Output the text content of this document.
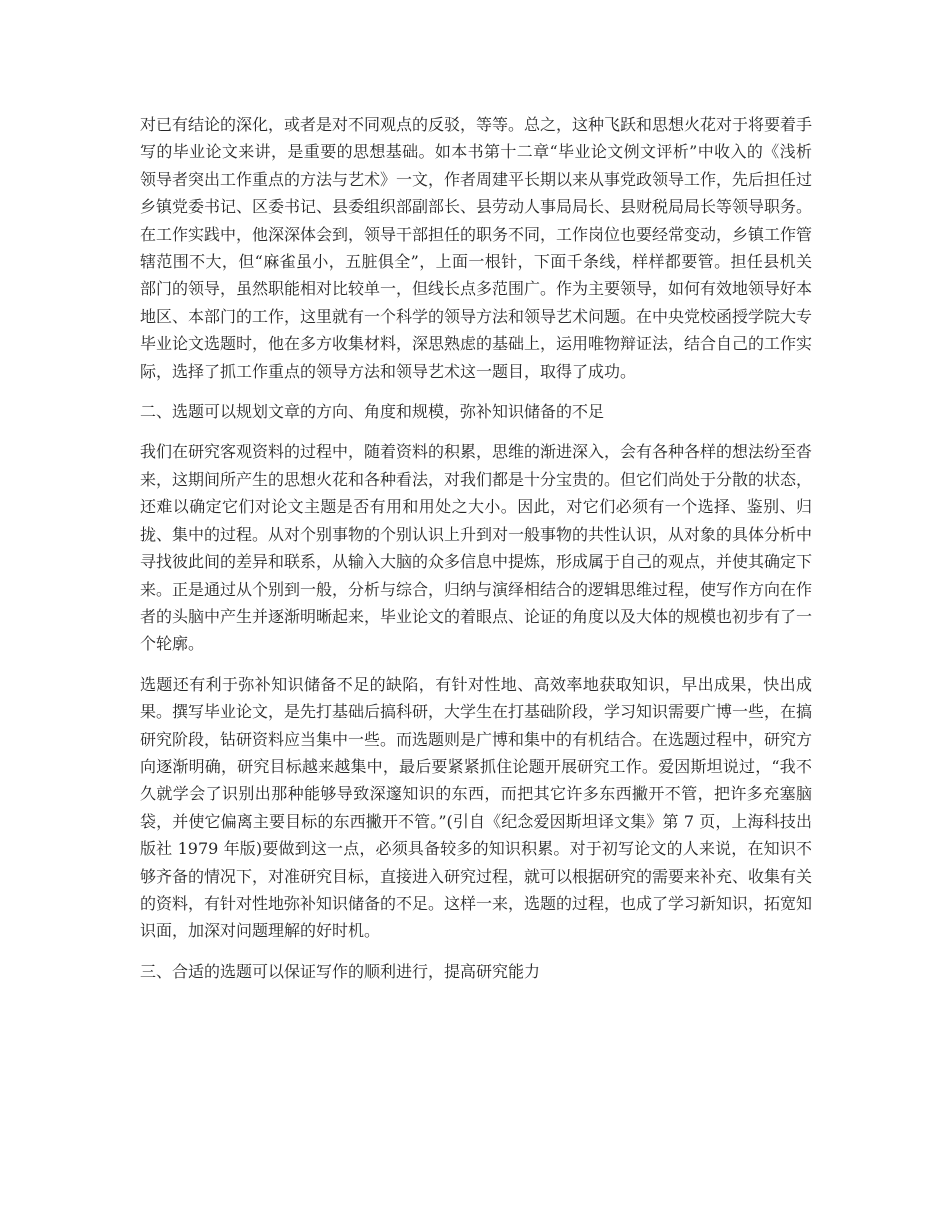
对已有结论的深化，或者是对不同观点的反驳，等等。总之，这种飞跃和思想火花对于将要着手写的毕业论文来讲，是重要的思想基础。如本书第十二章“毕业论文例文评析”中收入的《浅析领导者突出工作重点的方法与艺术》一文，作者周建平长期以来从事党政领导工作，先后担任过乡镇党委书记、区委书记、县委组织部副部长、县劳动人事局局长、县财税局局长等领导职务。在工作实践中，他深深体会到，领导干部担任的职务不同，工作岗位也要经常变动，乡镇工作管辖范围不大，但“麻雀虽小，五脏俱全”，上面一根针，下面千条线，样样都要管。担任县机关部门的领导，虽然职能相对比较单一，但线长点多范围广。作为主要领导，如何有效地领导好本地区、本部门的工作，这里就有一个科学的领导方法和领导艺术问题。在中央党校函授学院大专毕业论文选题时，他在多方收集材料，深思熟虑的基础上，运用唯物辩证法，结合自己的工作实际，选择了抓工作重点的领导方法和领导艺术这一题目，取得了成功。

二、选题可以规划文章的方向、角度和规模，弥补知识储备的不足

我们在研究客观资料的过程中，随着资料的积累，思维的渐进深入，会有各种各样的想法纷至沓来，这期间所产生的思想火花和各种看法，对我们都是十分宝贵的。但它们尚处于分散的状态，还难以确定它们对论文主题是否有用和用处之大小。因此，对它们必须有一个选择、鉴别、归拢、集中的过程。从对个别事物的个别认识上升到对一般事物的共性认识，从对象的具体分析中寻找彼此间的差异和联系，从输入大脑的众多信息中提炼，形成属于自己的观点，并使其确定下来。正是通过从个别到一般，分析与综合，归纳与演绎相结合的逻辑思维过程，使写作方向在作者的头脑中产生并逐渐明晰起来，毕业论文的着眼点、论证的角度以及大体的规模也初步有了一个轮廓。

选题还有利于弥补知识储备不足的缺陷，有针对性地、高效率地获取知识，早出成果，快出成果。撰写毕业论文，是先打基础后搞科研，大学生在打基础阶段，学习知识需要广博一些，在搞研究阶段，钻研资料应当集中一些。而选题则是广博和集中的有机结合。在选题过程中，研究方向逐渐明确，研究目标越来越集中，最后要紧紧抓住论题开展研究工作。爱因斯坦说过，“我不久就学会了识别出那种能够导致深邃知识的东西，而把其它许多东西撇开不管，把许多充塞脑袋，并使它偏离主要目标的东西撇开不管。”(引自《纪念爱因斯坦译文集》第 7 页，上海科技出版社 1979 年版)要做到这一点，必须具备较多的知识积累。对于初写论文的人来说，在知识不够齐备的情况下，对准研究目标，直接进入研究过程，就可以根据研究的需要来补充、收集有关的资料，有针对性地弥补知识储备的不足。这样一来，选题的过程，也成了学习新知识，拓宽知识面，加深对问题理解的好时机。

三、合适的选题可以保证写作的顺利进行，提高研究能力
